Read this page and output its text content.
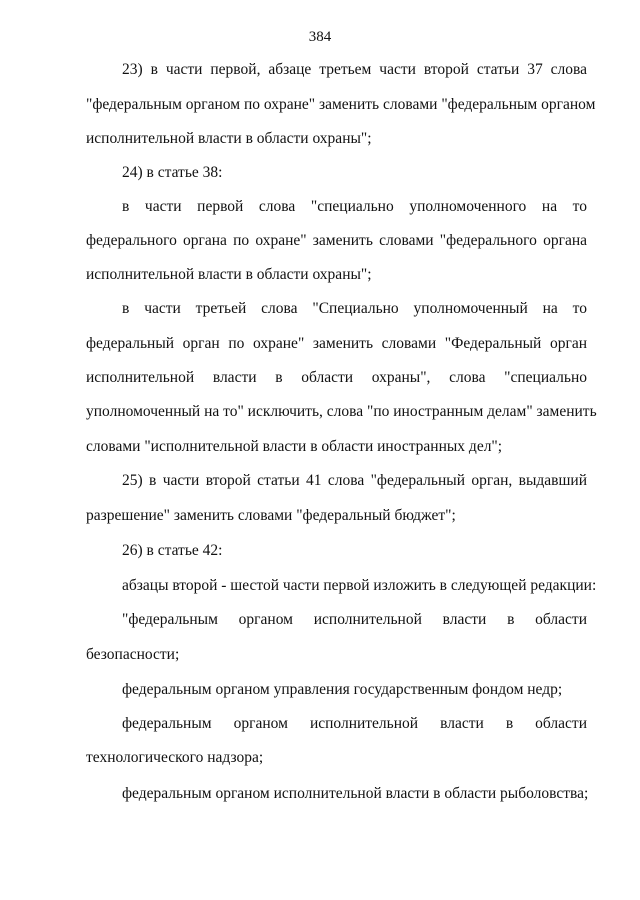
384
23) в части первой, абзаце третьем части второй статьи 37 слова
"федеральным органом по охране" заменить словами "федеральным органом
исполнительной власти в области охраны";
24) в статье 38:
в части первой слова "специально уполномоченного на то
федерального органа по охране" заменить словами "федерального органа
исполнительной власти в области охраны";
в части третьей слова "Специально уполномоченный на то
федеральный орган по охране" заменить словами "Федеральный орган
исполнительной власти в области охраны", слова "специально
уполномоченный на то" исключить, слова "по иностранным делам" заменить
словами "исполнительной власти в области иностранных дел";
25) в части второй статьи 41 слова "федеральный орган, выдавший
разрешение" заменить словами "федеральный бюджет";
26) в статье 42:
абзацы второй - шестой части первой изложить в следующей редакции:
"федеральным органом исполнительной власти в области
безопасности;
федеральным органом управления государственным фондом недр;
федеральным органом исполнительной власти в области
технологического надзора;
федеральным органом исполнительной власти в области рыболовства;
